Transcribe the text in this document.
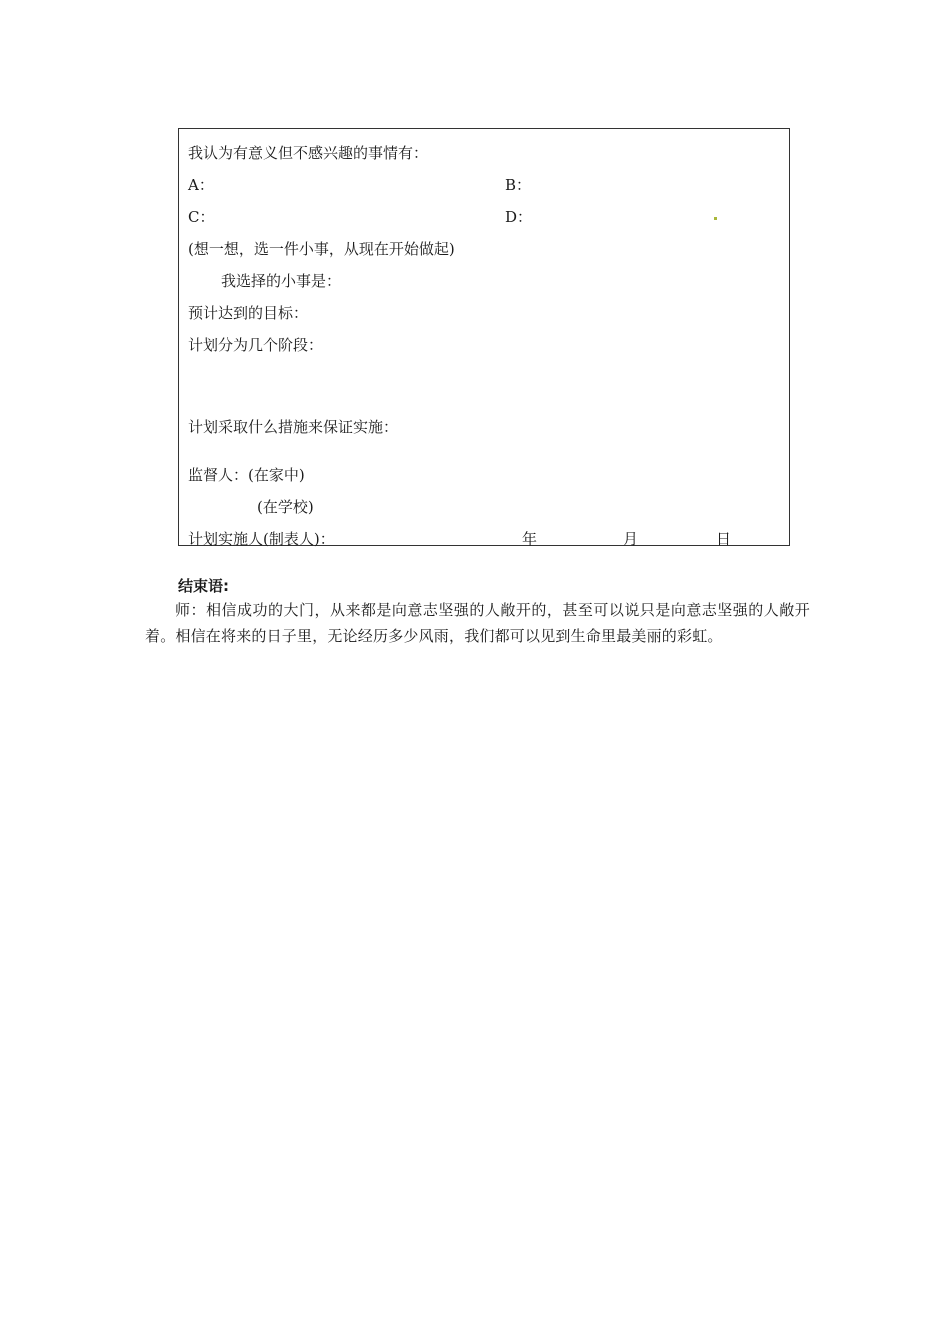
我认为有意义但不感兴趣的事情有：
A：	B：
C：	D：
(想一想，选一件小事，从现在开始做起)
我选择的小事是：
预计达到的目标：
计划分为几个阶段：
计划采取什么措施来保证实施：
监督人：(在家中)
(在学校)
计划实施人(制表人)：	年	月	日
结束语:

师：相信成功的大门，从来都是向意志坚强的人敞开的，甚至可以说只是向意志坚强的人敞开着。相信在将来的日子里，无论经历多少风雨，我们都可以见到生命里最美丽的彩虹。
